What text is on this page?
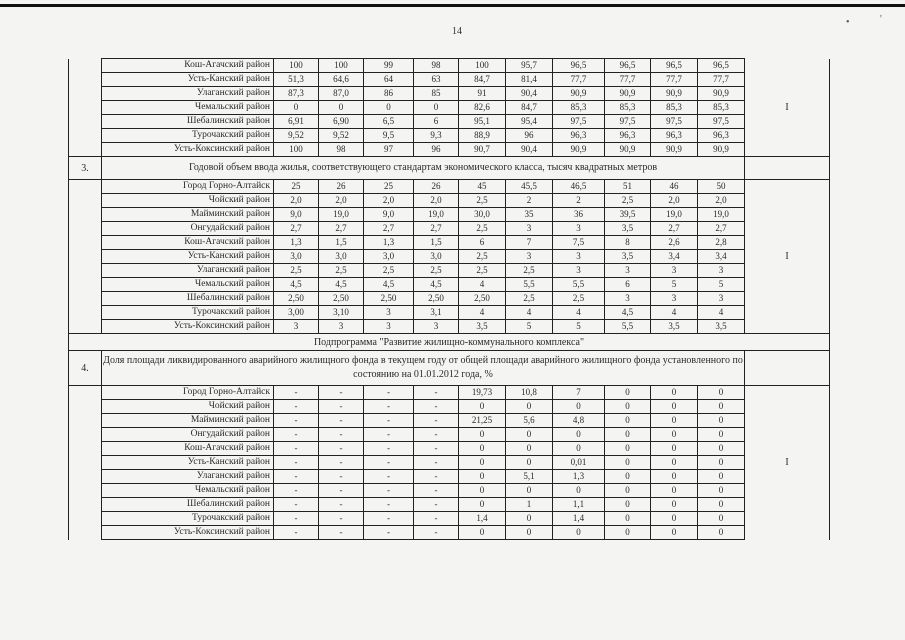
14
•	'
	Кош-Агачский район	100	100	99	98	100	95,7	96,5	96,5	96,5	96,5	
	Усть-Канский район	51,3	64,6	64	63	84,7	81,4	77,7	77,7	77,7	77,7	
	Улаганский район	87,3	87,0	86	85	91	90,4	90,9	90,9	90,9	90,9	
	Чемальский район	0	0	0	0	82,6	84,7	85,3	85,3	85,3	85,3	I
	Шебалинский район	6,91	6,90	6,5	6	95,1	95,4	97,5	97,5	97,5	97,5	
	Турочакский район	9,52	9,52	9,5	9,3	88,9	96	96,3	96,3	96,3	96,3	
	Усть-Коксинский район	100	98	97	96	90,7	90,4	90,9	90,9	90,9	90,9	
3.	Годовой объем ввода жилья, соответствующего стандартам экономического класса, тысяч квадратных метров											
	Город Горно-Алтайск	25	26	25	26	45	45,5	46,5	51	46	50	
	Чойский район	2,0	2,0	2,0	2,0	2,5	2	2	2,5	2,0	2,0	
	Майминский район	9,0	19,0	9,0	19,0	30,0	35	36	39,5	19,0	19,0	
	Онгудайский район	2,7	2,7	2,7	2,7	2,5	3	3	3,5	2,7	2,7	
	Кош-Агачский район	1,3	1,5	1,3	1,5	6	7	7,5	8	2,6	2,8	
	Усть-Канский район	3,0	3,0	3,0	3,0	2,5	3	3	3,5	3,4	3,4	I
	Улаганский район	2,5	2,5	2,5	2,5	2,5	2,5	3	3	3	3	
	Чемальский район	4,5	4,5	4,5	4,5	4	5,5	5,5	6	5	5	
	Шебалинский район	2,50	2,50	2,50	2,50	2,50	2,5	2,5	3	3	3	
	Турочакский район	3,00	3,10	3	3,1	4	4	4	4,5	4	4	
	Усть-Коксинский район	3	3	3	3	3,5	5	5	5,5	3,5	3,5	
Подпрограмма "Развитие жилищно-коммунального комплекса"												
4.	Доля площади ликвидированного аварийного жилищного фонда в текущем году от общей площади аварийного жилищного фонда установленного по состоянию на 01.01.2012 года, %											
	Город Горно-Алтайск	-	-	-	-	19,73	10,8	7	0	0	0	
	Чойский район	-	-	-	-	0	0	0	0	0	0	
	Майминский район	-	-	-	-	21,25	5,6	4,8	0	0	0	
	Онгудайский район	-	-	-	-	0	0	0	0	0	0	
	Кош-Агачский район	-	-	-	-	0	0	0	0	0	0	
	Усть-Канский район	-	-	-	-	0	0	0,01	0	0	0	I
	Улаганский район	-	-	-	-	0	5,1	1,3	0	0	0	
	Чемальский район	-	-	-	-	0	0	0	0	0	0	
	Шебалинский район	-	-	-	-	0	1	1,1	0	0	0	
	Турочакский район	-	-	-	-	1,4	0	1,4	0	0	0	
	Усть-Коксинский район	-	-	-	-	0	0	0	0	0	0	
